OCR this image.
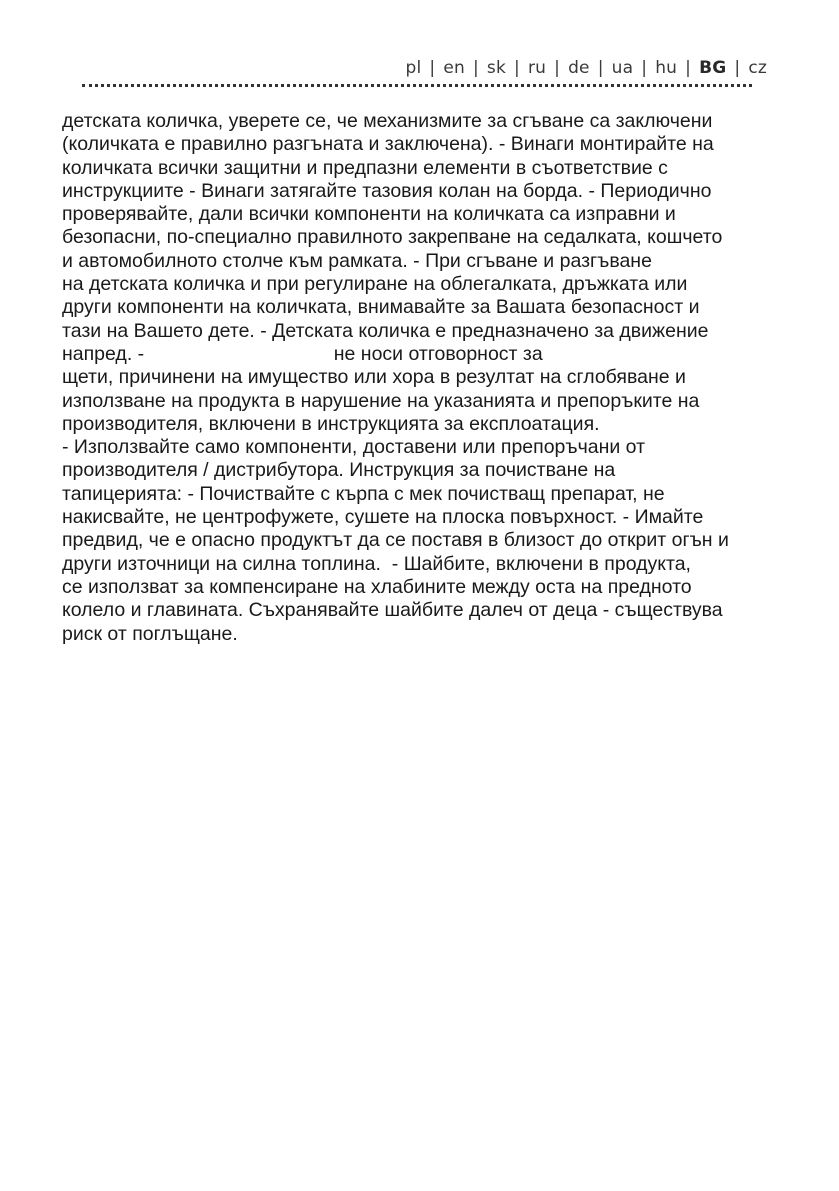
pl | en | sk | ru | de | ua | hu | BG | cz
детската количка, уверете се, че механизмите за сгъване са заключени
(количката е правилно разгъната и заключена). - Винаги монтирайте на
количката всички защитни и предпазни елементи в съответствие с
инструкциите - Винаги затягайте тазовия колан на борда. - Периодично
проверявайте, дали всички компоненти на количката са изправни и
безопасни, по-специално правилното закрепване на седалката, кошчето
и автомобилното столче към рамката. - При сгъване и разгъване
на детската количка и при регулиране на облегалката, дръжката или
други компоненти на количката, внимавайте за Вашата безопасност и
тази на Вашето дете. - Детската количка е предназначено за движение
напред. -                                   не носи отговорност за
щети, причинени на имущество или хора в резултат на сглобяване и
използване на продукта в нарушение на указанията и препоръките на
производителя, включени в инструкцията за експлоатация.
- Използвайте само компоненти, доставени или препоръчани от
производителя / дистрибутора. Инструкция за почистване на
тапицерията: - Почиствайте с кърпа с мек почистващ препарат, не
накисвайте, не центрофужете, сушете на плоска повърхност. - Имайте
предвид, че е опасно продуктът да се поставя в близост до открит огън и
други източници на силна топлина.  - Шайбите, включени в продукта,
се използват за компенсиране на хлабините между оста на предното
колело и главината. Съхранявайте шайбите далеч от деца - съществува
риск от поглъщане.
